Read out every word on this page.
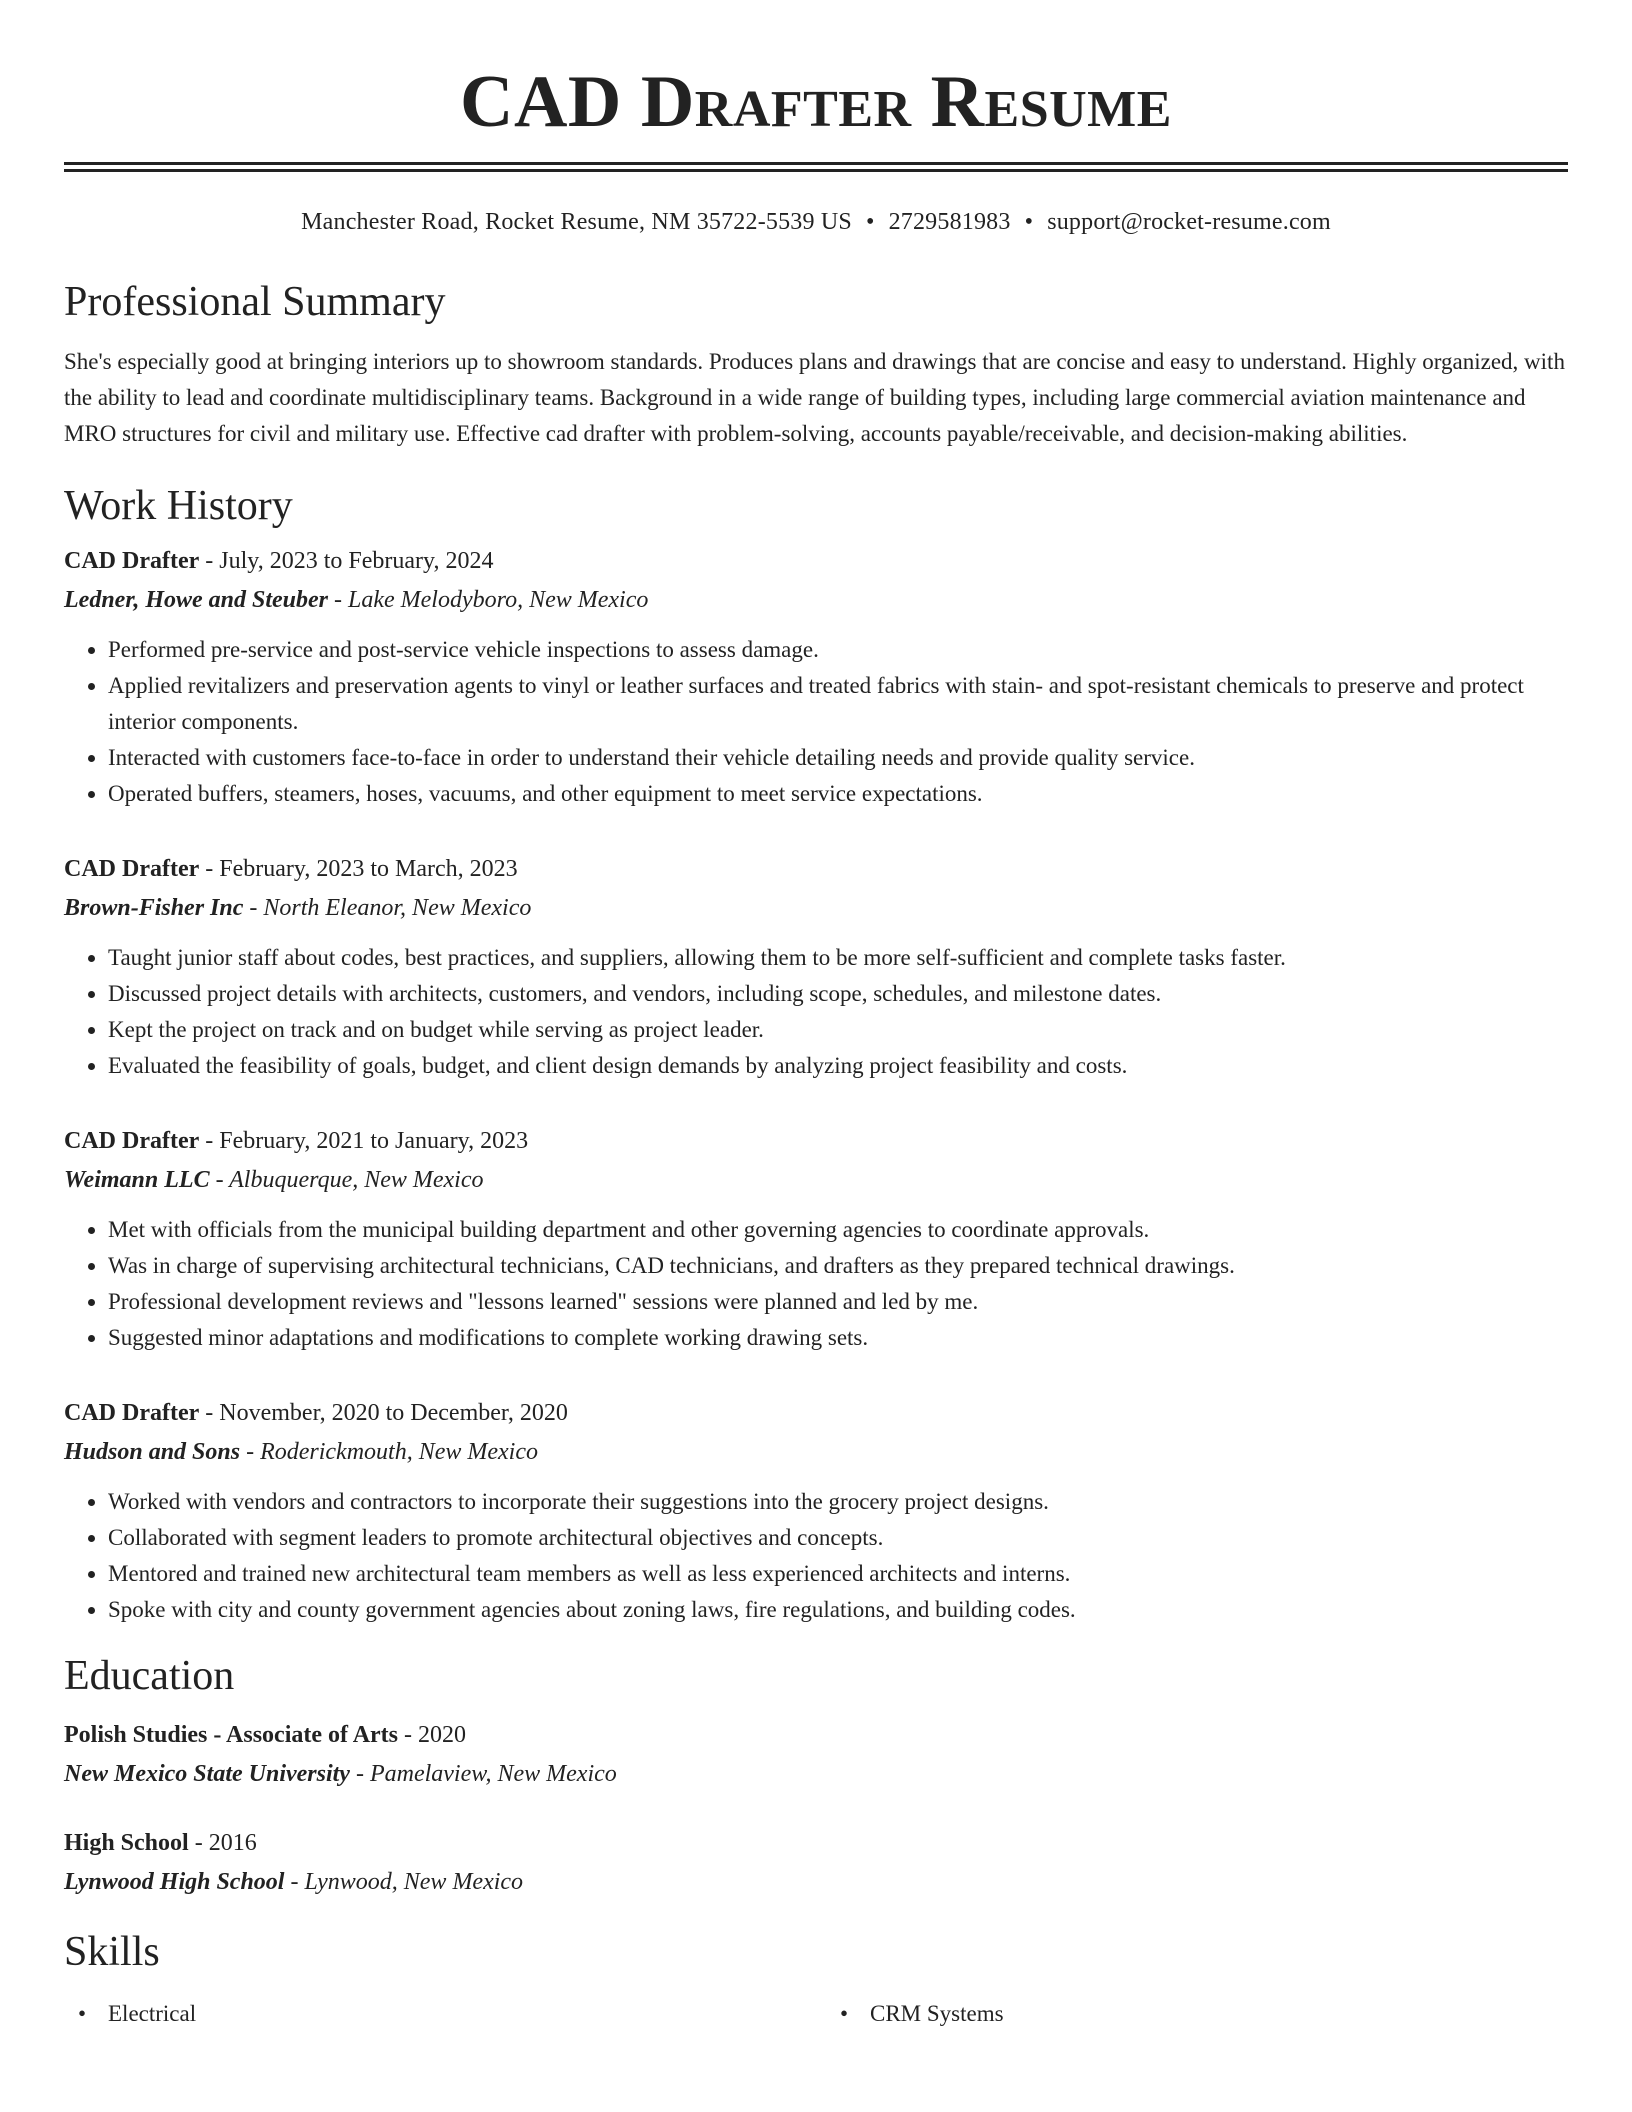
CAD Drafter Resume
Manchester Road, Rocket Resume, NM 35722-5539 US • 2729581983 • support@rocket-resume.com
Professional Summary

She's especially good at bringing interiors up to showroom standards. Produces plans and drawings that are concise and easy to understand. Highly organized, with the ability to lead and coordinate multidisciplinary teams. Background in a wide range of building types, including large commercial aviation maintenance and MRO structures for civil and military use. Effective cad drafter with problem-solving, accounts payable/receivable, and decision-making abilities.

Work History
CAD Drafter - July, 2023 to February, 2024
Ledner, Howe and Steuber - Lake Melodyboro, New Mexico
• Performed pre-service and post-service vehicle inspections to assess damage.
• Applied revitalizers and preservation agents to vinyl or leather surfaces and treated fabrics with stain- and spot-resistant chemicals to preserve and protect interior components.
• Interacted with customers face-to-face in order to understand their vehicle detailing needs and provide quality service.
• Operated buffers, steamers, hoses, vacuums, and other equipment to meet service expectations.
CAD Drafter - February, 2023 to March, 2023
Brown-Fisher Inc - North Eleanor, New Mexico
• Taught junior staff about codes, best practices, and suppliers, allowing them to be more self-sufficient and complete tasks faster.
• Discussed project details with architects, customers, and vendors, including scope, schedules, and milestone dates.
• Kept the project on track and on budget while serving as project leader.
• Evaluated the feasibility of goals, budget, and client design demands by analyzing project feasibility and costs.
CAD Drafter - February, 2021 to January, 2023
Weimann LLC - Albuquerque, New Mexico
• Met with officials from the municipal building department and other governing agencies to coordinate approvals.
• Was in charge of supervising architectural technicians, CAD technicians, and drafters as they prepared technical drawings.
• Professional development reviews and "lessons learned" sessions were planned and led by me.
• Suggested minor adaptations and modifications to complete working drawing sets.
CAD Drafter - November, 2020 to December, 2020
Hudson and Sons - Roderickmouth, New Mexico
• Worked with vendors and contractors to incorporate their suggestions into the grocery project designs.
• Collaborated with segment leaders to promote architectural objectives and concepts.
• Mentored and trained new architectural team members as well as less experienced architects and interns.
• Spoke with city and county government agencies about zoning laws, fire regulations, and building codes.
Education
Polish Studies - Associate of Arts - 2020
New Mexico State University - Pamelaview, New Mexico
High School - 2016
Lynwood High School - Lynwood, New Mexico
Skills
• Electrical
•	CRM Systems
